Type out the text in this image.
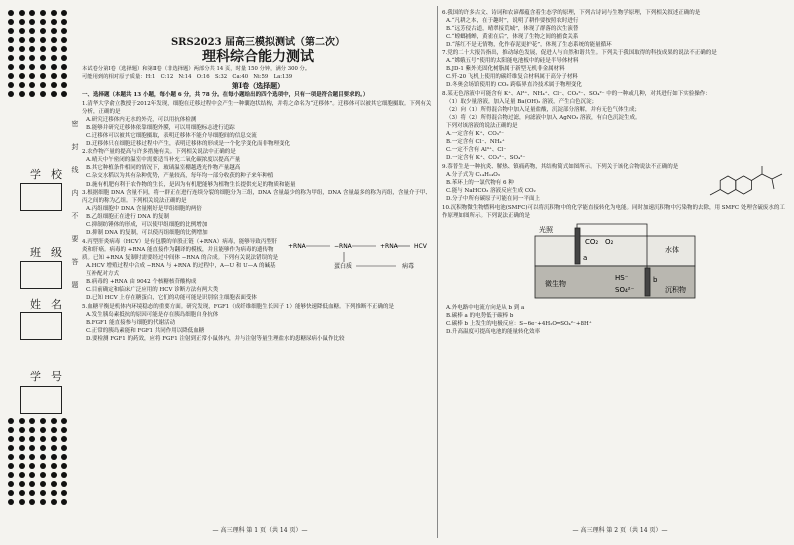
学校
班级
姓名
学号
密封线内不要答题
SRS2023 届高三模拟测试（第二次）
理科综合能力测试
本试卷分第Ⅰ卷（选择题）和第Ⅱ卷（非选择题）两部分共 14 页，时量 150 分钟，满分 300 分。
可能用到的相对原子质量：H:1　C:12　N:14　O:16　S:32　Ca:40　Ni:59　La:139
第Ⅰ卷（选择题）
一、选择题（本题共 13 小题，每小题 6 分，共 78 分。在每小题给出的四个选项中，只有一项是符合题目要求的。）
1.清华大学俞立教授于2012年发现，细胞在迁移过程中会产生一种囊泡状结构，并将之命名为“迁移体”。迁移体可以被其它细胞摄取。下列有关分析，正确的是
A.研究迁移体内无水的外壳，可以用抗体检测
B.能够并研究迁移体依靠细胞外膜，可以用细胞标志进行追踪
C.迁移体可以被其它细胞摄取，表明迁移体不能介导细胞间的信息交流
D.迁移体只在细胞迁移过程中产生，表明迁移体的形成是一个化学变化而非物理变化
2.农作物产量的提高与许多措施有关。下列相关说法中正确的是
A.晴天中午密闭的温室中需要适当补充二氧化碳浓度以提高产量
B.其它种植条件相同的情况下，玻璃温室棚越透光作物产量越高
C.杂交水稻以为其有杂种优势，产量较高，每年均一部分收获的种子来年种植
D.施有机肥有利于农作物的生长，是因为有机肥能够为植物生长提供充足的物质和能量
3.根据细胞 DNA 含量不同，将一群正在进行连续分裂的细胞分为三组，DNA 含量最少的称为甲组，DNA 含量最多的称为丙组，含量介于甲、丙之间的称为乙组。下列相关说法正确的是
A.丙组细胞中 DNA 含量刚好是甲组细胞的两倍
B.乙组细胞正在进行 DNA 的复制
C.抑制纺锤体的形成，可以使甲组细胞的比例增加
D.抑制 DNA 的复制，可以使丙组细胞的比例增加
+RNA	−RNA	+RNA
蛋白质	病毒
HCV
4.丙型肝炎病毒（HCV）是有包膜的单股正链（+RNA）病毒，能够导致丙型肝炎和肝癌。病毒的 +RNA 能直接作为翻译的模板，并且能够作为病毒的遗传物质。已知 +RNA 复制时需要经过中间体 −RNA 的合成。下列有关说法错误的是
A.HCV 增殖过程中合成 −RNA 与 +RNA 的过程中，A—U 和 U—A 的碱基互补配对方式
B.病毒的 +RNA 由 9042 个核糖核苷酸构成
C.目前确定和临床广泛应用的 HCV 诊断方法有两大类
D.已知 HCV 上存在糖蛋白，它们的功能可能是识别宿主细胞表面受体
5.血糖平衡是机体内环境稳态的重要方面。研究发现，FGF1（成纤维细胞生长因子 1）能够快速降低血糖。下列推断不正确的是
A.发生胰岛素抵抗的原因可能是存在胰岛细胞自身抗体
B.FGF1 能直接参与细胞的代谢活动
C.正常的胰岛素能和 FGF1 共同作用以降低血糖
D.要检测 FGF1 的药效，应将 FGF1 注射到正常小鼠体内，并与注射等量生理盐水的患糖尿病小鼠作比较
6.我国的许多古文、诗词和农谚都蕴含着生态学的原理，下列古诗词与生物学原理，下列相关叙述正确的是
A.“凡耕之本，在于趣时”，说明了耕作要按照农时进行
B.“远芳侵古道，晴翠接荒城”，体现了群落的次生演替
C.“螳螂捕蝉，黄雀在后”，体现了生物之间的捕食关系
D.“落红不是无情物，化作春泥更护花”，体现了生态系统的能量循环
7.党的二十大报告指出，推动绿色发展，促进人与自然和谐共生。下列关于我国取得的科技成果的说法不正确的是
A.“嫦娥五号”使用的太阳能电池板中的硅是半导体材料
B.JD-1 紫外光固化树脂属于新型无机非金属材料
C.歼-20 飞机上使用的碳纤维复合材料属于高分子材料
D.冬奥会场馆使用的 CO₂ 跨临界直冷技术属于物理变化
8.某无色溶液中可能含有 K⁺、Al³⁺、NH₄⁺、Cl⁻、CO₃²⁻、SO₄²⁻ 中的一种或几种，对其进行如下实验操作：
（1）取少量溶液，加入足量 Ba(OH)₂ 溶液，产生白色沉淀；
（2）向（1）所得混合物中加入足量盐酸，沉淀部分溶解，并有无色气体生成；
（3）将（2）所得混合物过滤，向滤液中加入 AgNO₃ 溶液，有白色沉淀生成。
下列对该溶液的说法正确的是
A.一定含有 K⁺、CO₃²⁻
B.一定含有 Cl⁻、NH₄⁺
C.一定不含有 Al³⁺、Cl⁻
D.一定含有 K⁺、CO₃²⁻、SO₄²⁻
9.萘普生是一种抗炎、解热、镇痛药物，其结构简式如图所示。下列关于该化合物说法不正确的是
A.分子式为 C₁₄H₁₄O₃
B.苯环上的一氯代物有 6 种
C.能与 NaHCO₃ 溶液反应生成 CO₂
D.分子中所有碳原子可能在同一平面上
10.沉积物微生物燃料电池(SMFC)可以将沉积物中的化学能直接转化为电能。同时加速沉积物中污染物的去除，用 SMFC 处理含硫废水的工作原理如图所示。下列说法正确的是
光照
CO₂ O₂
a
b
水体
沉积物
微生物
HS⁻
SO₄²⁻
A.外电路中电流方向是从 b 到 a
B.碳棒 a 的电势低于碳棒 b
C.碳棒 b 上发生的电极反应：S−6e⁻+4H₂O═SO₄²⁻+8H⁺
D.升高温度可提高电池的能量转化效率
— 高三理科 第 1 页（共 14 页）—	— 高三理科 第 2 页（共 14 页）—
